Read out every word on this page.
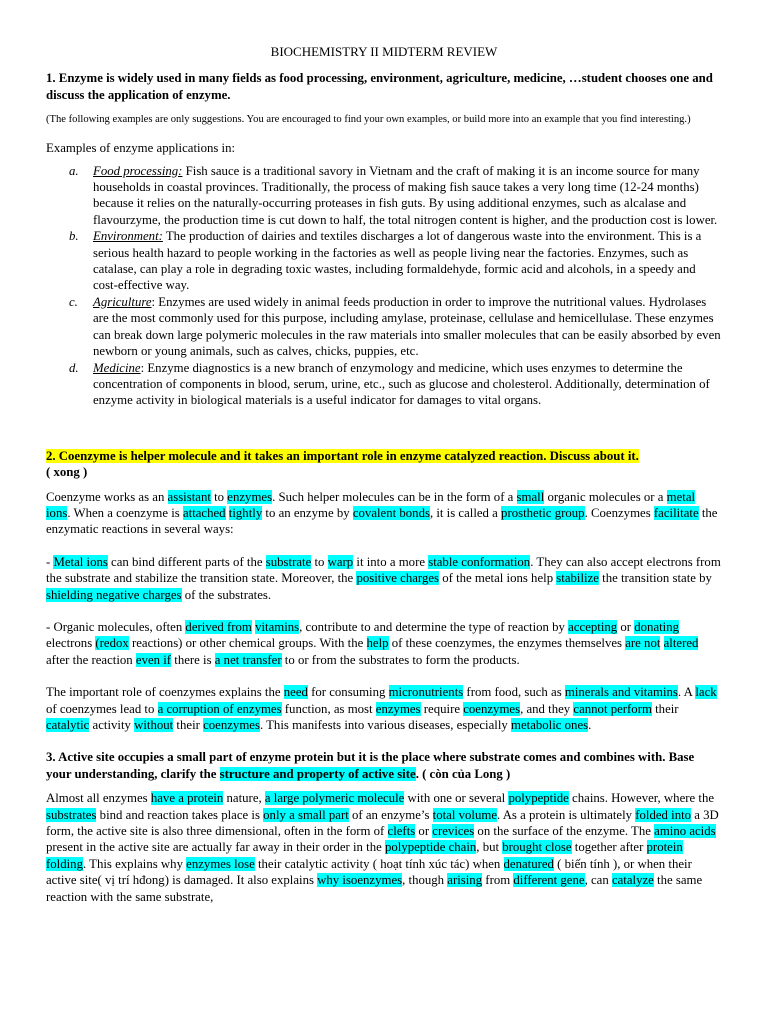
BIOCHEMISTRY II MIDTERM REVIEW

1. Enzyme is widely used in many fields as food processing, environment, agriculture, medicine, …student chooses one and discuss the application of enzyme.

(The following examples are only suggestions. You are encouraged to find your own examples, or build more into an example that you find interesting.)

Examples of enzyme applications in:

a. Food processing: Fish sauce is a traditional savory in Vietnam and the craft of making it is an income source for many households in coastal provinces. Traditionally, the process of making fish sauce takes a very long time (12-24 months) because it relies on the naturally-occurring proteases in fish guts. By using additional enzymes, such as alcalase and flavourzyme, the production time is cut down to half, the total nitrogen content is higher, and the production cost is lower.
b. Environment: The production of dairies and textiles discharges a lot of dangerous waste into the environment. This is a serious health hazard to people working in the factories as well as people living near the factories. Enzymes, such as catalase, can play a role in degrading toxic wastes, including formaldehyde, formic acid and alcohols, in a speedy and cost-effective way.
c. Agriculture: Enzymes are used widely in animal feeds production in order to improve the nutritional values. Hydrolases are the most commonly used for this purpose, including amylase, proteinase, cellulase and hemicellulase. These enzymes can break down large polymeric molecules in the raw materials into smaller molecules that can be easily absorbed by even newborn or young animals, such as calves, chicks, puppies, etc.
d. Medicine: Enzyme diagnostics is a new branch of enzymology and medicine, which uses enzymes to determine the concentration of components in blood, serum, urine, etc., such as glucose and cholesterol. Additionally, determination of enzyme activity in biological materials is a useful indicator for damages to vital organs.

2. Coenzyme is helper molecule and it takes an important role in enzyme catalyzed reaction. Discuss about it.
( xong )

Coenzyme works as an assistant to enzymes. Such helper molecules can be in the form of a small organic molecules or a metal ions. When a coenzyme is attached tightly to an enzyme by covalent bonds, it is called a prosthetic group. Coenzymes facilitate the enzymatic reactions in several ways:

- Metal ions can bind different parts of the substrate to warp it into a more stable conformation. They can also accept electrons from the substrate and stabilize the transition state. Moreover, the positive charges of the metal ions help stabilize the transition state by shielding negative charges of the substrates.

- Organic molecules, often derived from vitamins, contribute to and determine the type of reaction by accepting or donating electrons (redox reactions) or other chemical groups. With the help of these coenzymes, the enzymes themselves are not altered after the reaction even if there is a net transfer to or from the substrates to form the products.

The important role of coenzymes explains the need for consuming micronutrients from food, such as minerals and vitamins. A lack of coenzymes lead to a corruption of enzymes function, as most enzymes require coenzymes, and they cannot perform their catalytic activity without their coenzymes. This manifests into various diseases, especially metabolic ones.

3. Active site occupies a small part of enzyme protein but it is the place where substrate comes and combines with. Base your understanding, clarify the structure and property of active site. ( còn của Long )

Almost all enzymes have a protein nature, a large polymeric molecule with one or several polypeptide chains. However, where the substrates bind and reaction takes place is only a small part of an enzyme’s total volume. As a protein is ultimately folded into a 3D form, the active site is also three dimensional, often in the form of clefts or crevices on the surface of the enzyme. The amino acids present in the active site are actually far away in their order in the polypeptide chain, but brought close together after protein folding. This explains why enzymes lose their catalytic activity ( hoạt tính xúc tác) when denatured ( biến tính ), or when their active site( vị trí hđong) is damaged. It also explains why isoenzymes, though arising from different gene, can catalyze the same reaction with the same substrate,
